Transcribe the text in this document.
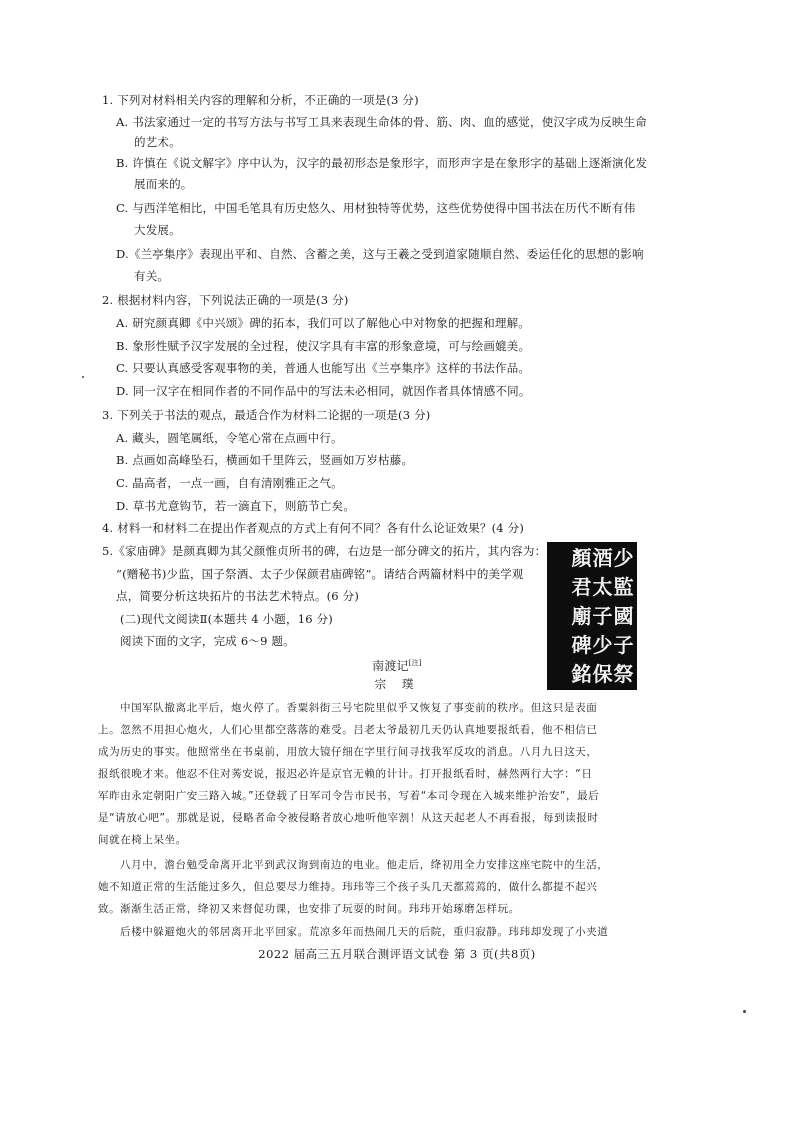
1. 下列对材料相关内容的理解和分析，不正确的一项是(3 分)
A. 书法家通过一定的书写方法与书写工具来表现生命体的骨、筋、肉、血的感觉，使汉字成为反映生命
的艺术。
B. 许慎在《说文解字》序中认为，汉字的最初形态是象形字，而形声字是在象形字的基础上逐渐演化发
展而来的。
C. 与西洋笔相比，中国毛笔具有历史悠久、用材独特等优势，这些优势使得中国书法在历代不断有伟
大发展。
D.《兰亭集序》表现出平和、自然、含蓄之美，这与王羲之受到道家随顺自然、委运任化的思想的影响
有关。
2. 根据材料内容，下列说法正确的一项是(3 分)
A. 研究颜真卿《中兴颂》碑的拓本，我们可以了解他心中对物象的把握和理解。
B. 象形性赋予汉字发展的全过程，使汉字具有丰富的形象意境，可与绘画媲美。
C. 只要认真感受客观事物的美，普通人也能写出《兰亭集序》这样的书法作品。
D. 同一汉字在相同作者的不同作品中的写法未必相同，就因作者具体情感不同。
3. 下列关于书法的观点，最适合作为材料二论据的一项是(3 分)
A. 藏头，圆笔属纸，令笔心常在点画中行。
B. 点画如高峰坠石，横画如千里阵云，竖画如万岁枯藤。
C. 晶高者，一点一画，自有清刚雅正之气。
D. 草书尤意钩节，若一滴直下，则筋节亡矣。
4. 材料一和材料二在提出作者观点的方式上有何不同？各有什么论证效果？(4 分)
5.《家庙碑》是颜真卿为其父颜惟贞所书的碑，右边是一部分碑文的拓片，其内容为：
“(赠秘书)少监，国子祭酒、太子少保颜君庙碑铭”。请结合两篇材料中的美学观
点，简要分析这块拓片的书法艺术特点。(6 分)
少
監
國
子
祭
酒
太
子
少
保
顏
君
廟
碑
銘
(二)现代文阅读Ⅱ(本题共 4 小题，16 分)
阅读下面的文字，完成 6～9 题。
南渡记[注]
宗 璞
中国军队撤离北平后，炮火停了。香粟斜街三号宅院里似乎又恢复了事变前的秩序。但这只是表面
上。忽然不用担心炮火，人们心里都空落落的难受。吕老太爷最初几天仍认真地要报纸看，他不相信已
成为历史的事实。他照常坐在书桌前，用放大镜仔细在字里行间寻找我军反攻的消息。八月九日这天，
报纸很晚才来。他忍不住对莠安说，报迟必许是京官无赖的计计。打开报纸看时，赫然两行大字：“日
军昨由永定朝阳广安三路入城。”还登载了日军司令告市民书，写着“本司令现在入城来维护治安”，最后
是“请放心吧”。那就是说，侵略者命令被侵略者放心地听他宰割！从这天起老人不再看报，每到读报时
间就在椅上呆坐。
八月中，澹台勉受命离开北平到武汉询到南边的电业。他走后，绛初用全力安排这座宅院中的生活，
她不知道正常的生活能过多久，但总要尽力维持。玮玮等三个孩子头几天都蔫蔫的，做什么都提不起兴
致。渐渐生活正常，绛初又来督促功课，也安排了玩耍的时间。玮玮开始琢磨怎样玩。
后楼中躲避炮火的邻居离开北平回家。荒凉多年而热闹几天的后院，重归寂静。玮玮却发现了小夹道
2022 届高三五月联合测评语文试卷 第 3 页(共8页)
